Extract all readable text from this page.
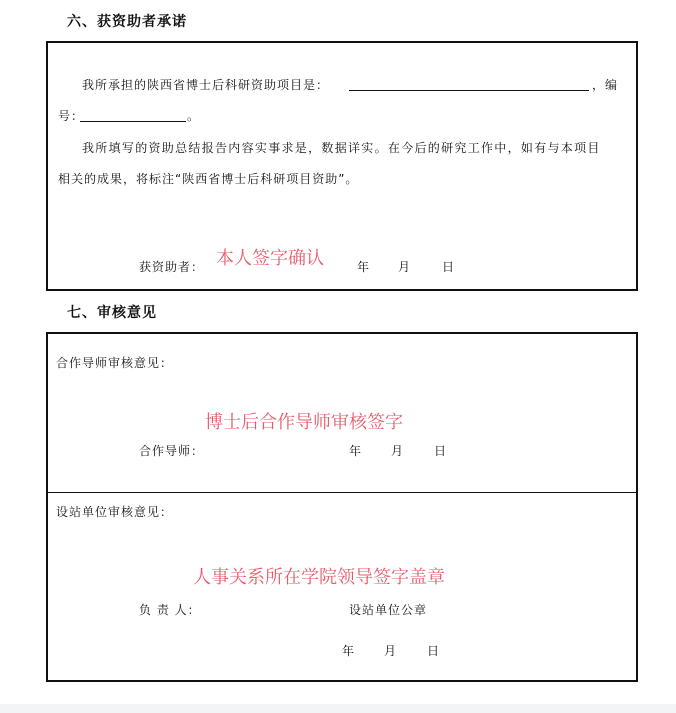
六、获资助者承诺
我所承担的陕西省博士后科研资助项目是：	，编
号：	。
我所填写的资助总结报告内容实事求是，数据详实。在今后的研究工作中，如有与本项目
相关的成果，将标注“陕西省博士后科研项目资助”。
获资助者： 本人签字确认	年 月	日
七、审核意见
合作导师审核意见：
博士后合作导师审核签字
合作导师：	年 月 日
设站单位审核意见：
人事关系所在学院领导签字盖章
负 责 人：	设站单位公章
年 月 日
